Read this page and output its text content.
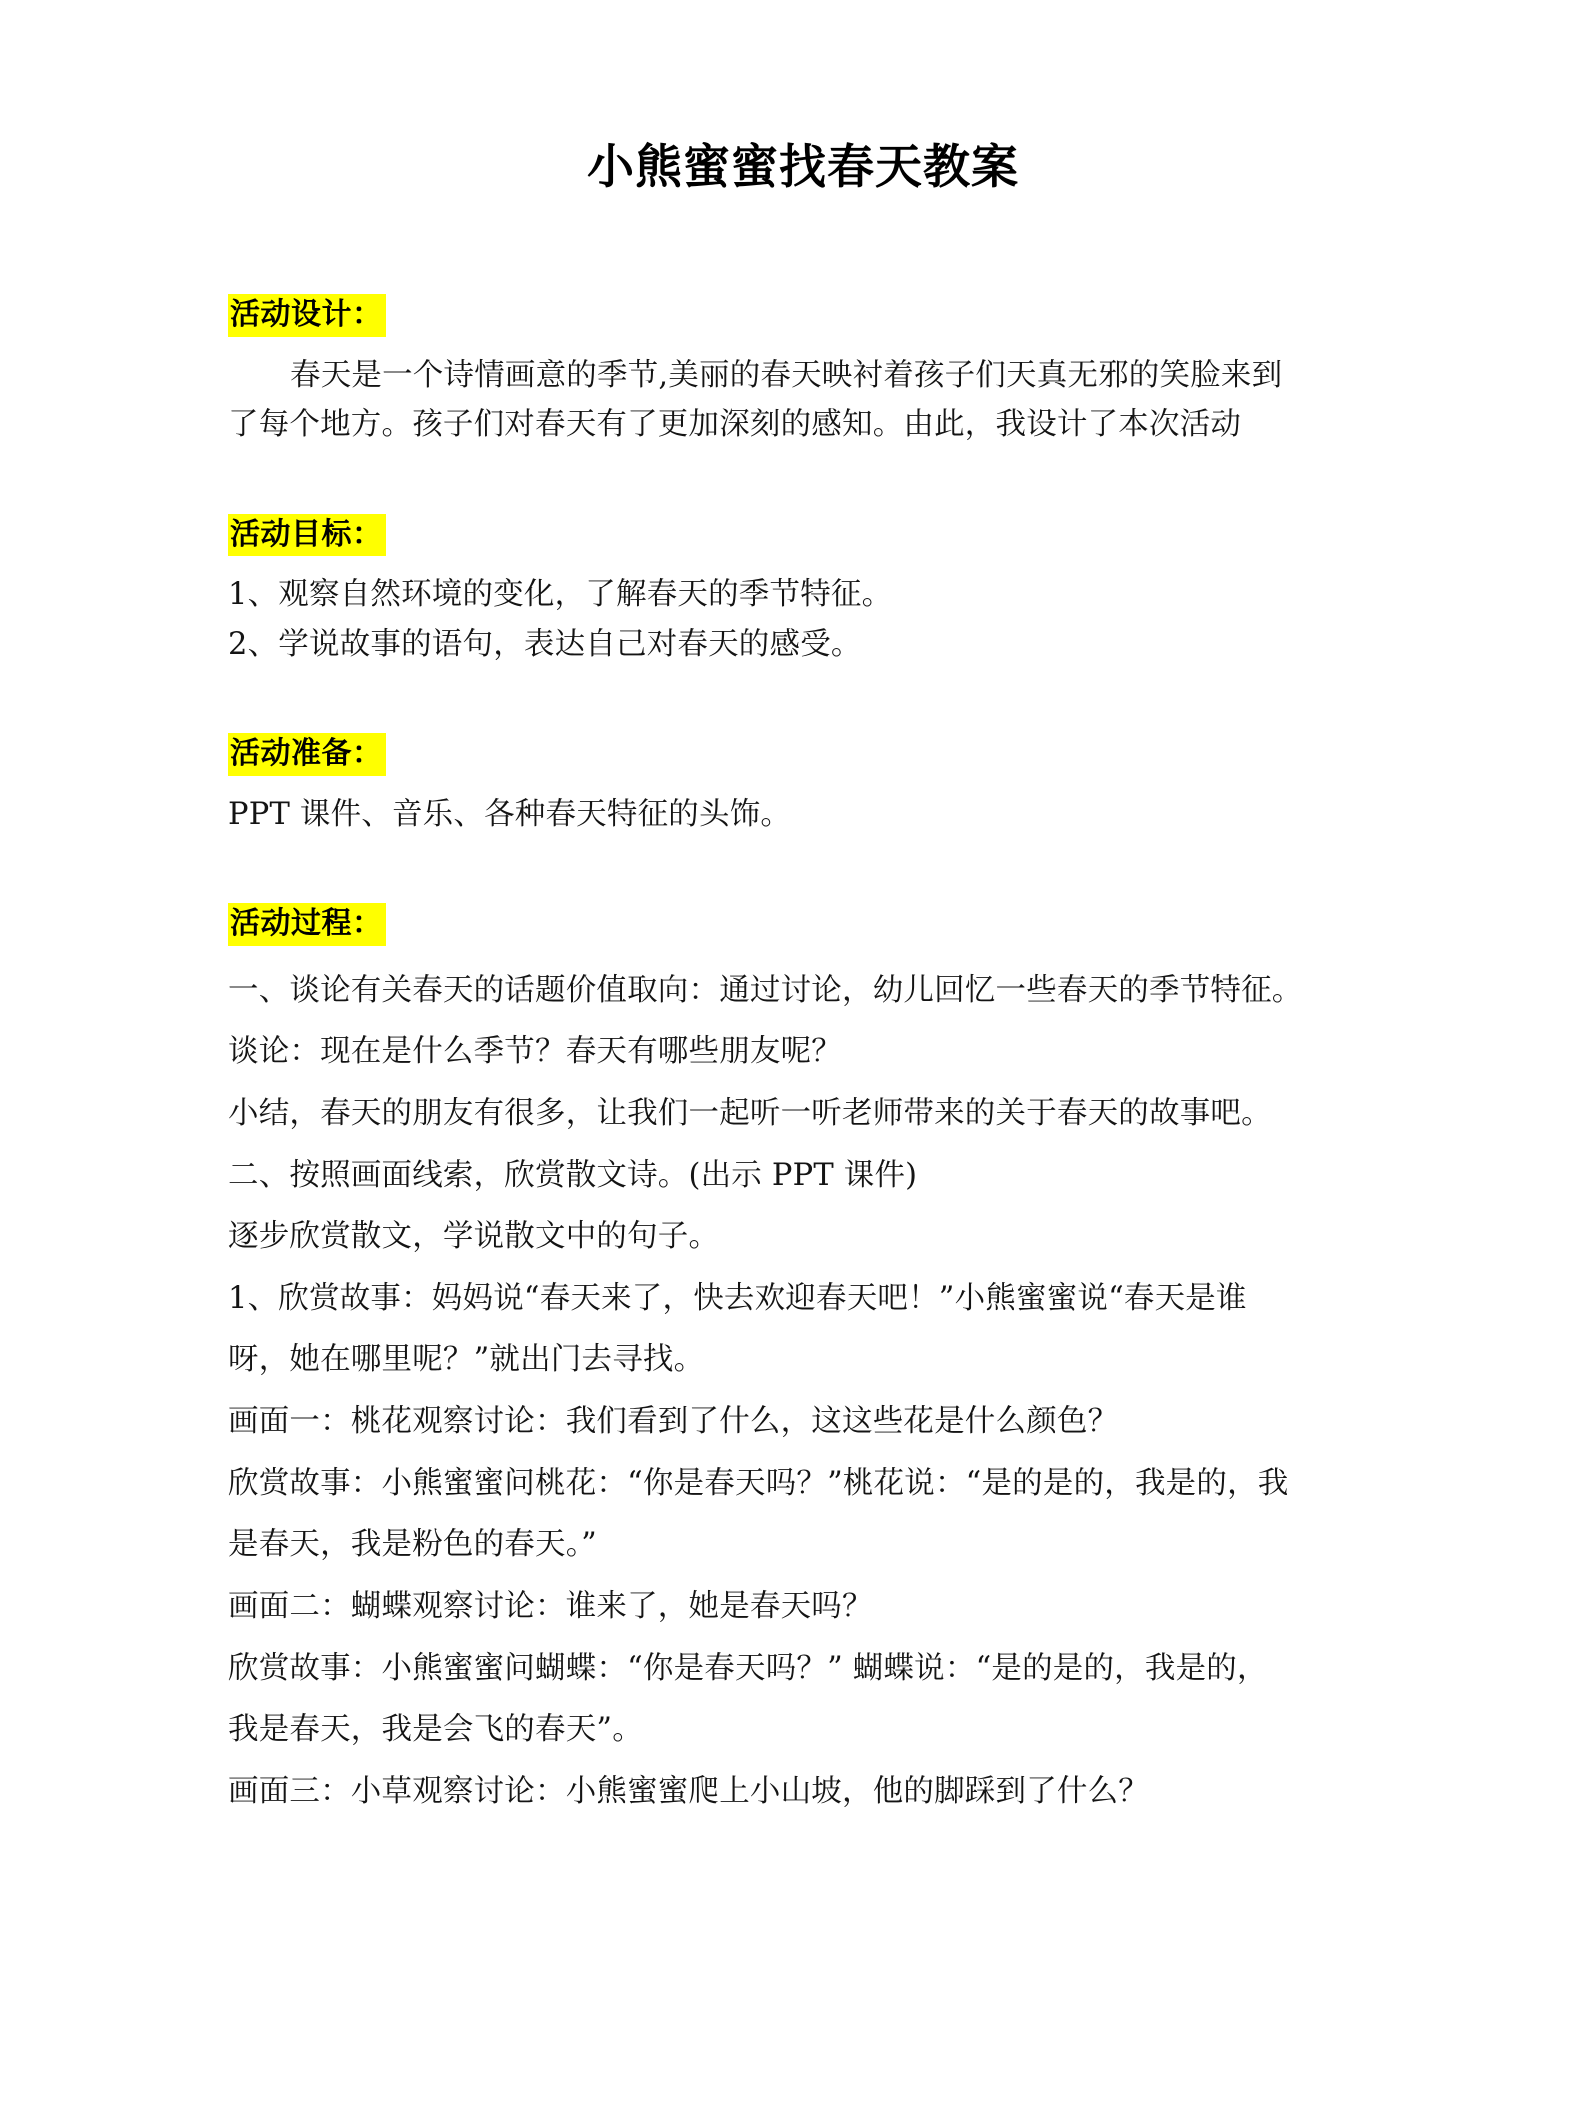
小熊蜜蜜找春天教案
活动设计：

春天是一个诗情画意的季节,美丽的春天映衬着孩子们天真无邪的笑脸来到

了每个地方。孩子们对春天有了更加深刻的感知。由此，我设计了本次活动

活动目标：

1、观察自然环境的变化，了解春天的季节特征。

2、学说故事的语句，表达自己对春天的感受。

活动准备：

PPT 课件、音乐、各种春天特征的头饰。

活动过程：

一、谈论有关春天的话题价值取向：通过讨论，幼儿回忆一些春天的季节特征。

谈论：现在是什么季节？春天有哪些朋友呢？

小结，春天的朋友有很多，让我们一起听一听老师带来的关于春天的故事吧。

二、按照画面线索，欣赏散文诗。(出示 PPT 课件)

逐步欣赏散文，学说散文中的句子。

1、欣赏故事：妈妈说“春天来了，快去欢迎春天吧！”小熊蜜蜜说“春天是谁

呀，她在哪里呢？”就出门去寻找。

画面一：桃花观察讨论：我们看到了什么，这这些花是什么颜色？

欣赏故事：小熊蜜蜜问桃花：“你是春天吗？”桃花说：“是的是的，我是的，我

是春天，我是粉色的春天。”

画面二：蝴蝶观察讨论：谁来了，她是春天吗？

欣赏故事：小熊蜜蜜问蝴蝶：“你是春天吗？” 蝴蝶说：“是的是的，我是的，

我是春天，我是会飞的春天”。

画面三：小草观察讨论：小熊蜜蜜爬上小山坡，他的脚踩到了什么？
